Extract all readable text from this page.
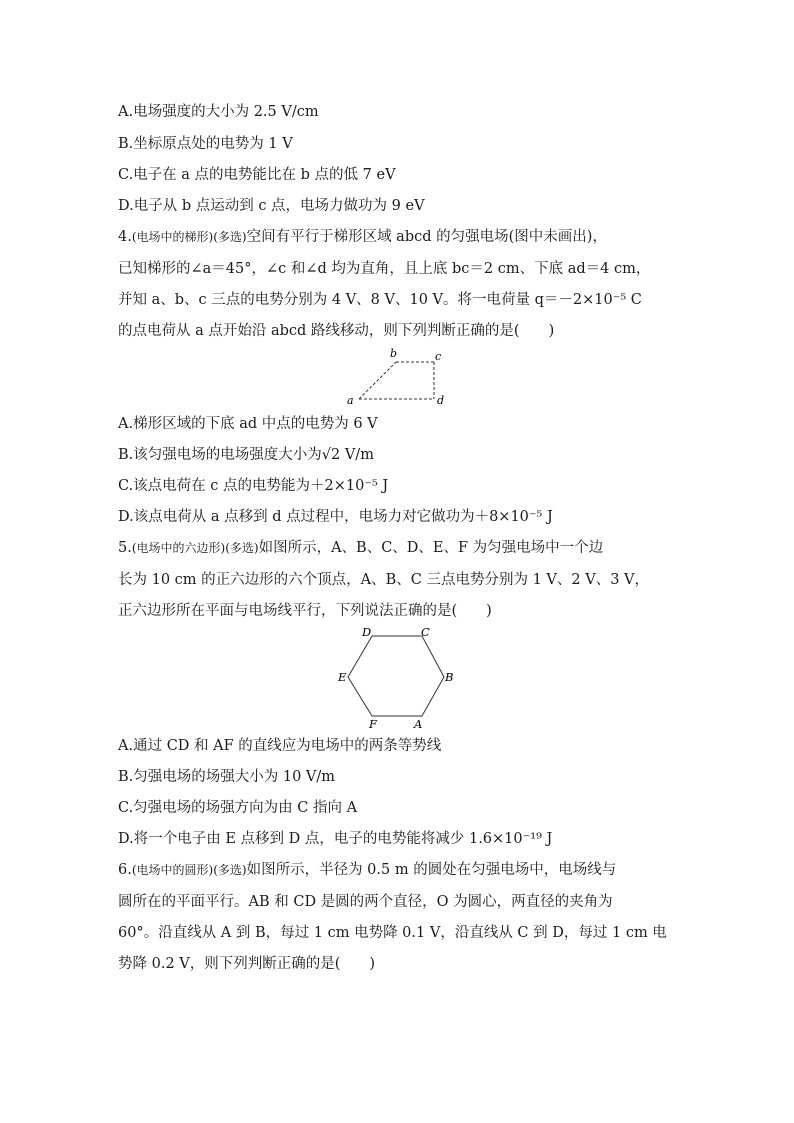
A.电场强度的大小为 2.5 V/cm
B.坐标原点处的电势为 1 V
C.电子在 a 点的电势能比在 b 点的低 7 eV
D.电子从 b 点运动到 c 点，电场力做功为 9 eV
4.(电场中的梯形)(多选)空间有平行于梯形区域 abcd 的匀强电场(图中未画出)，
已知梯形的∠a＝45°，∠c 和∠d 均为直角，且上底 bc＝2 cm、下底 ad＝4 cm，
并知 a、b、c 三点的电势分别为 4 V、8 V、10 V。将一电荷量 q＝－2×10⁻⁵ C
的点电荷从 a 点开始沿 abcd 路线移动，则下列判断正确的是(　　)
b	c
a	d
A.梯形区域的下底 ad 中点的电势为 6 V
B.该匀强电场的电场强度大小为√2 V/m
C.该点电荷在 c 点的电势能为＋2×10⁻⁵ J
D.该点电荷从 a 点移到 d 点过程中，电场力对它做功为＋8×10⁻⁵ J
5.(电场中的六边形)(多选)如图所示，A、B、C、D、E、F 为匀强电场中一个边
长为 10 cm 的正六边形的六个顶点，A、B、C 三点电势分别为 1 V、2 V、3 V，
正六边形所在平面与电场线平行，下列说法正确的是(　　)
D	C
B
E
F	A
A.通过 CD 和 AF 的直线应为电场中的两条等势线
B.匀强电场的场强大小为 10 V/m
C.匀强电场的场强方向为由 C 指向 A
D.将一个电子由 E 点移到 D 点，电子的电势能将减少 1.6×10⁻¹⁹ J
6.(电场中的圆形)(多选)如图所示，半径为 0.5 m 的圆处在匀强电场中，电场线与
圆所在的平面平行。AB 和 CD 是圆的两个直径，O 为圆心，两直径的夹角为
60°。沿直线从 A 到 B，每过 1 cm 电势降 0.1 V，沿直线从 C 到 D，每过 1 cm 电
势降 0.2 V，则下列判断正确的是(　　)
